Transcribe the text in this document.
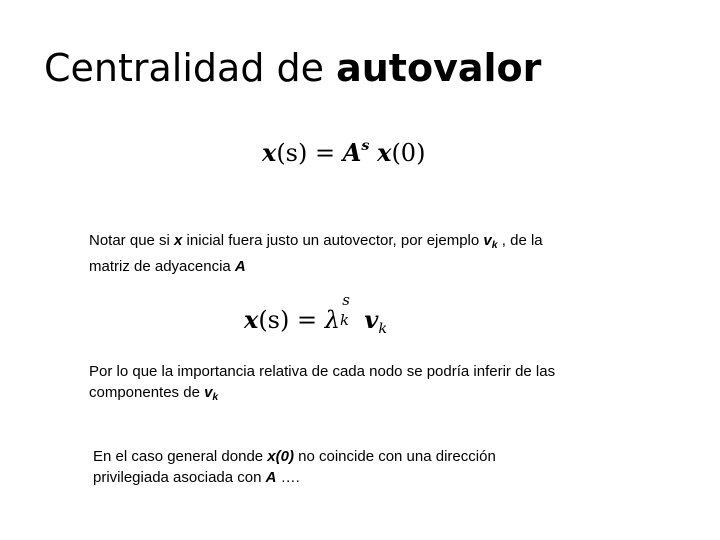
Centralidad de autovalor
$x(s) = A^s$ x(0)
Notar que si x inicial fuera justo un autovector, por ejemplo $v_k$ , de la
matriz de adyacencia A
x(s) = λ
s
k $v_k$
Por lo que la importancia relativa de cada nodo se podría inferir de las
componentes de $v_k$
En el caso general donde x(0) no coincide con una dirección
privilegiada asociada con A ….
